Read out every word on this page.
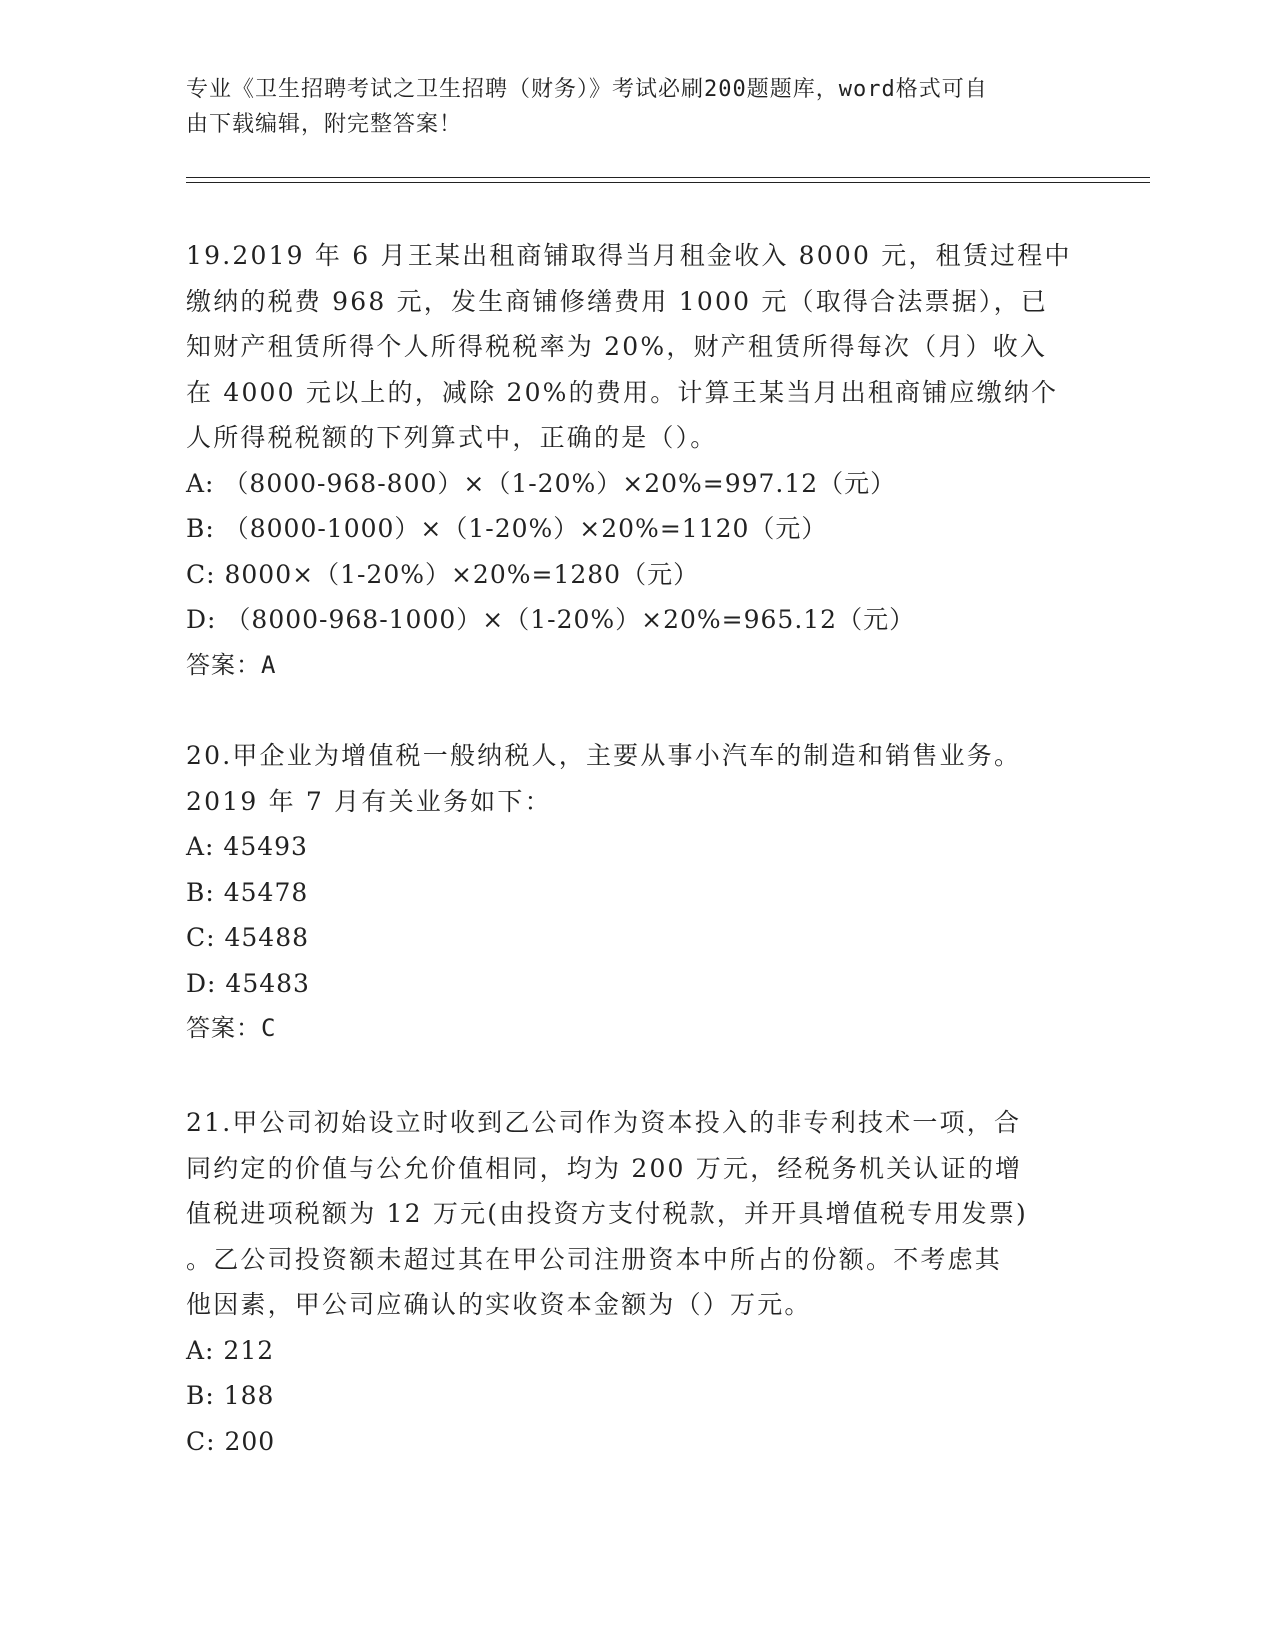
专业《卫生招聘考试之卫生招聘（财务）》考试必刷200题题库，word格式可自
由下载编辑，附完整答案！

19.2019 年 6 月王某出租商铺取得当月租金收入 8000 元，租赁过程中

缴纳的税费 968 元，发生商铺修缮费用 1000 元（取得合法票据），已

知财产租赁所得个人所得税税率为 20%，财产租赁所得每次（月）收入

在 4000 元以上的，减除 20%的费用。计算王某当月出租商铺应缴纳个

人所得税税额的下列算式中，正确的是（）。

A: （8000-968-800）×（1-20%）×20%=997.12（元）

B: （8000-1000）×（1-20%）×20%=1120（元）

C: 8000×（1-20%）×20%=1280（元）

D: （8000-968-1000）×（1-20%）×20%=965.12（元）

答案：A

20.甲企业为增值税一般纳税人，主要从事小汽车的制造和销售业务。

2019 年 7 月有关业务如下：

A: 45493

B: 45478

C: 45488

D: 45483

答案：C

21.甲公司初始设立时收到乙公司作为资本投入的非专利技术一项，合

同约定的价值与公允价值相同，均为 200 万元，经税务机关认证的增

值税进项税额为 12 万元(由投资方支付税款，并开具增值税专用发票)

。乙公司投资额未超过其在甲公司注册资本中所占的份额。不考虑其

他因素，甲公司应确认的实收资本金额为（）万元。

A: 212

B: 188

C: 200
